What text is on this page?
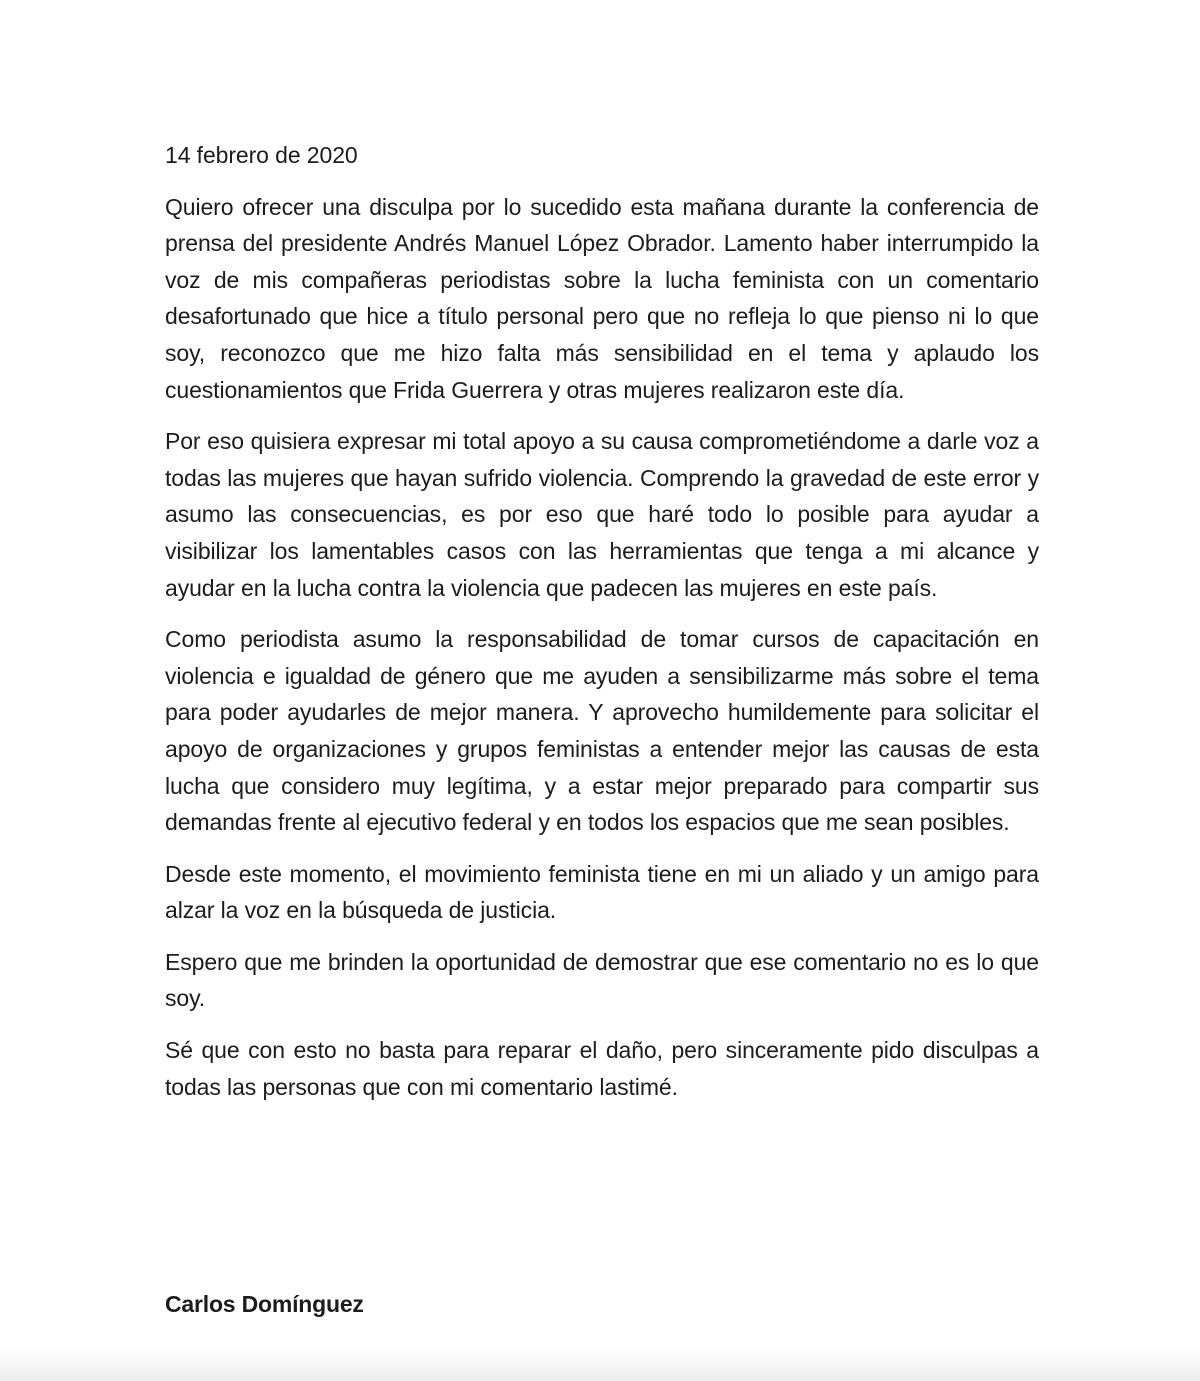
14 febrero de 2020

Quiero ofrecer una disculpa por lo sucedido esta mañana durante la conferencia de prensa del presidente Andrés Manuel López Obrador. Lamento haber interrumpido la voz de mis compañeras periodistas sobre la lucha feminista con un comentario desafortunado que hice a título personal pero que no refleja lo que pienso ni lo que soy, reconozco que me hizo falta más sensibilidad en el tema y aplaudo los cuestionamientos que Frida Guerrera y otras mujeres realizaron este día.

Por eso quisiera expresar mi total apoyo a su causa comprometiéndome a darle voz a todas las mujeres que hayan sufrido violencia. Comprendo la gravedad de este error y asumo las consecuencias, es por eso que haré todo lo posible para ayudar a visibilizar los lamentables casos con las herramientas que tenga a mi alcance y ayudar en la lucha contra la violencia que padecen las mujeres en este país.

Como periodista asumo la responsabilidad de tomar cursos de capacitación en violencia e igualdad de género que me ayuden a sensibilizarme más sobre el tema para poder ayudarles de mejor manera. Y aprovecho humildemente para solicitar el apoyo de organizaciones y grupos feministas a entender mejor las causas de esta lucha que considero muy legítima, y a estar mejor preparado para compartir sus demandas frente al ejecutivo federal y en todos los espacios que me sean posibles.

Desde este momento, el movimiento feminista tiene en mi un aliado y un amigo para alzar la voz en la búsqueda de justicia.

Espero que me brinden la oportunidad de demostrar que ese comentario no es lo que soy.

Sé que con esto no basta para reparar el daño, pero sinceramente pido disculpas a todas las personas que con mi comentario lastimé.

Carlos Domínguez
